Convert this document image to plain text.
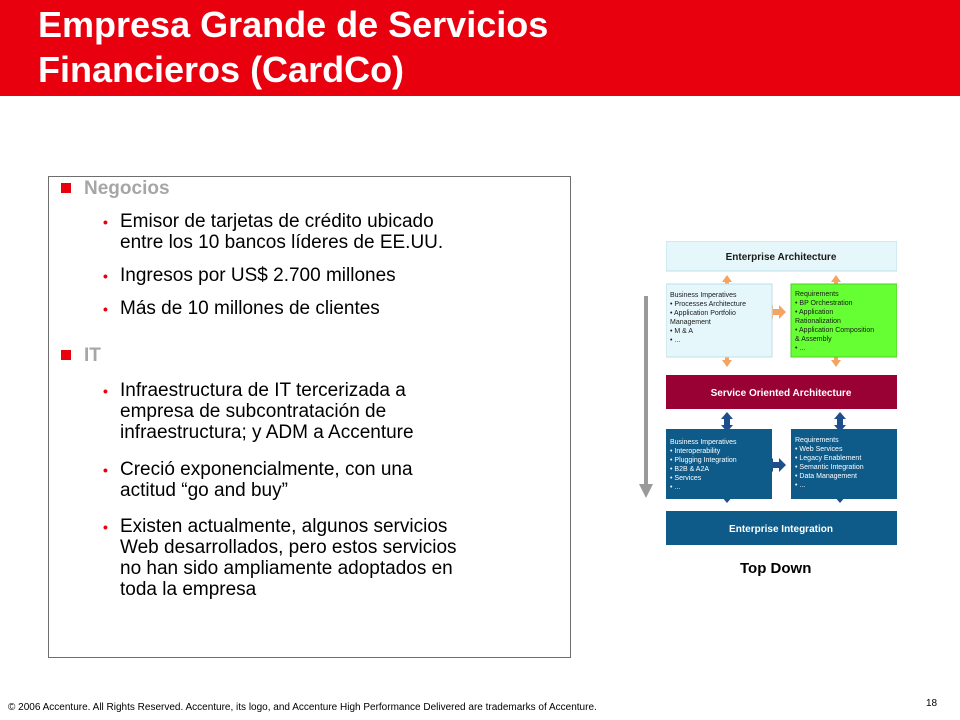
Empresa Grande de Servicios
Financieros (CardCo)
Negocios
• Emisor de tarjetas de crédito ubicado
entre los 10 bancos líderes de EE.UU.
• Ingresos por US$ 2.700 millones
• Más de 10 millones de clientes
IT
• Infraestructura de IT tercerizada a
empresa de subcontratación de
infraestructura; y ADM a Accenture
• Creció exponencialmente, con una
actitud “go and buy”
• Existen actualmente, algunos servicios
Web desarrollados, pero estos servicios
no han sido ampliamente adoptados en
toda la empresa
Enterprise Architecture
Business Imperatives • Processes Architecture • Application Portfolio Management • M & A • ...
Requirements • BP Orchestration • Application Rationalization • Application Composition & Assembly • ...
Service Oriented Architecture
Business Imperatives • Interoperability • Plugging Integration • B2B & A2A • Services • ...
Requirements • Web Services • Legacy Enablement • Semantic Integration • Data Management • ...
Enterprise Integration
Top Down
© 2006 Accenture. All Rights Reserved. Accenture, its logo, and Accenture High Performance Delivered are trademarks of Accenture.	18
